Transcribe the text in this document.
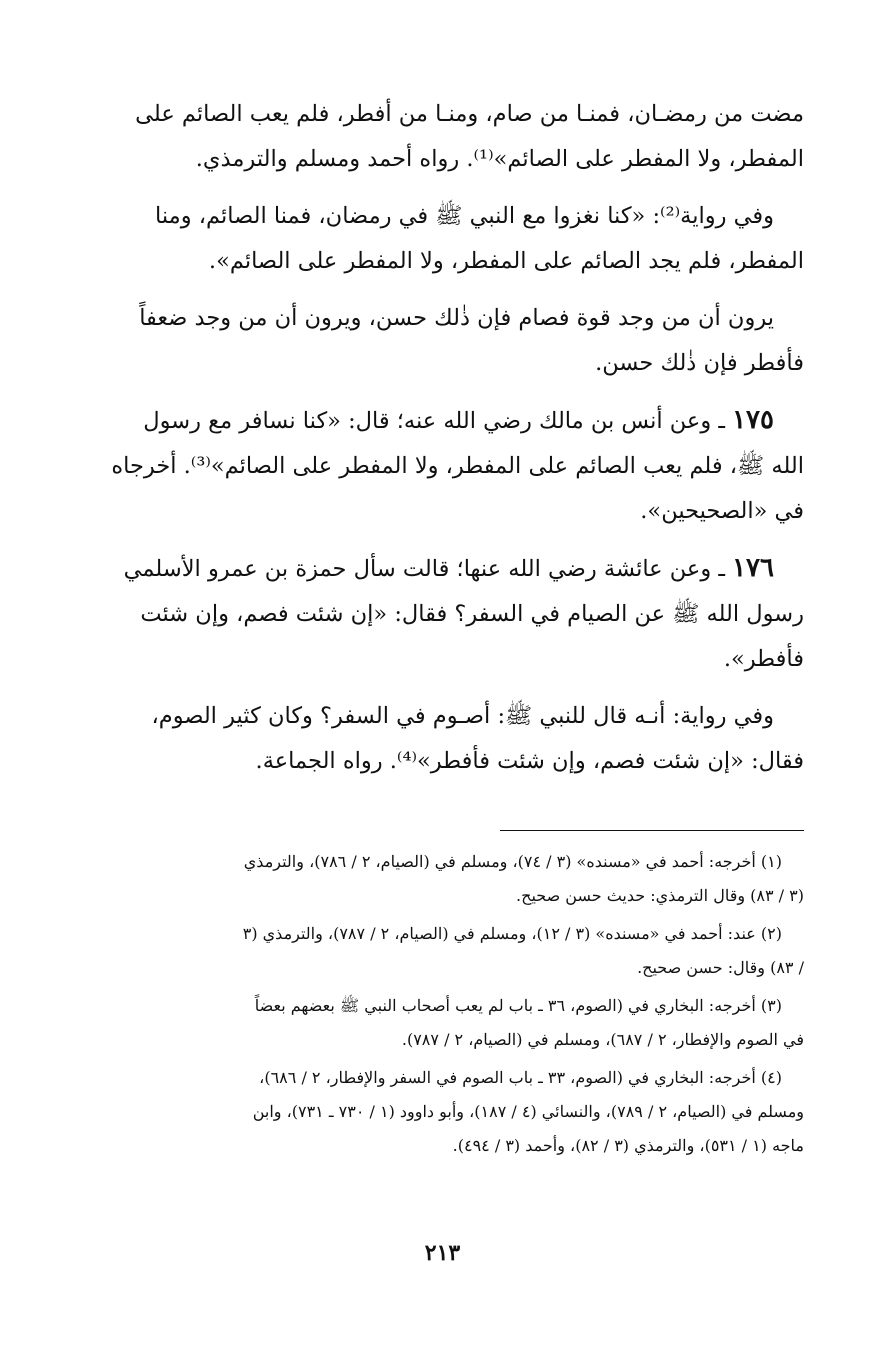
مضت من رمضـان، فمنـا من صام، ومنـا من أفطر، فلم يعب الصائم على
المفطر، ولا المفطر على الصائم»⁽¹⁾. رواه أحمد ومسلم والترمذي.

وفي رواية⁽²⁾: «كنا نغزوا مع النبي ﷺ في رمضان، فمنا الصائم، ومنا
المفطر، فلم يجد الصائم على المفطر، ولا المفطر على الصائم».

يرون أن من وجد قوة فصام فإن ذٰلك حسن، ويرون أن من وجد ضعفاً
فأفطر فإن ذٰلك حسن.

١٧٥ ـ وعن أنس بن مالك رضي الله عنه؛ قال: «كنا نسافر مع رسول
الله ﷺ، فلم يعب الصائم على المفطر، ولا المفطر على الصائم»⁽³⁾. أخرجاه
في «الصحيحين».

١٧٦ ـ وعن عائشة رضي الله عنها؛ قالت سأل حمزة بن عمرو الأسلمي
رسول الله ﷺ عن الصيام في السفر؟ فقال: «إن شئت فصم، وإن شئت
فأفطر».

وفي رواية: أنـه قال للنبي ﷺ: أصـوم في السفر؟ وكان كثير الصوم،
فقال: «إن شئت فصم، وإن شئت فأفطر»⁽⁴⁾. رواه الجماعة.

(١) أخرجه: أحمد في «مسنده» (٣ / ٧٤)، ومسلم في (الصيام، ٢ / ٧٨٦)، والترمذي
(٣ / ٨٣) وقال الترمذي: حديث حسن صحيح.

(٢) عند: أحمد في «مسنده» (٣ / ١٢)، ومسلم في (الصيام، ٢ / ٧٨٧)، والترمذي (٣
/ ٨٣) وقال: حسن صحيح.

(٣) أخرجه: البخاري في (الصوم، ٣٦ ـ باب لم يعب أصحاب النبي ﷺ بعضهم بعضاً
في الصوم والإفطار، ٢ / ٦٨٧)، ومسلم في (الصيام، ٢ / ٧٨٧).

(٤) أخرجه: البخاري في (الصوم، ٣٣ ـ باب الصوم في السفر والإفطار، ٢ / ٦٨٦)،
ومسلم في (الصيام، ٢ / ٧٨٩)، والنسائي (٤ / ١٨٧)، وأبو داوود (١ / ٧٣٠ ـ ٧٣١)، وابن
ماجه (١ / ٥٣١)، والترمذي (٣ / ٨٢)، وأحمد (٣ / ٤٩٤).

٢١٣
